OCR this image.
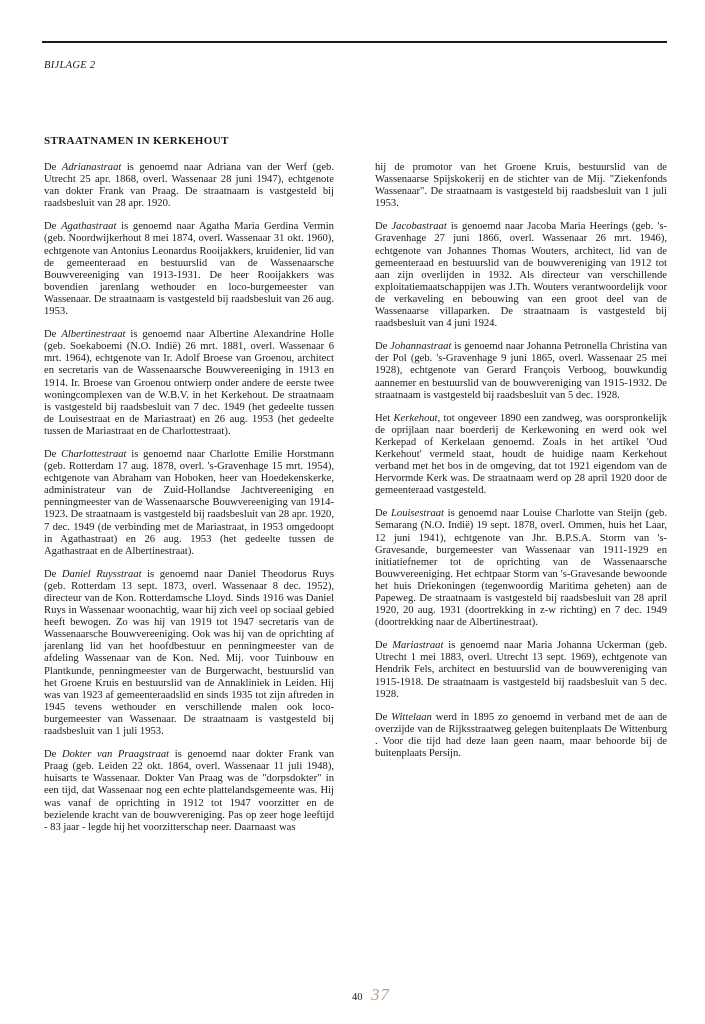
BIJLAGE 2
STRAATNAMEN IN KERKEHOUT

De Adrianastraat is genoemd naar Adriana van der Werf (geb. Utrecht 25 apr. 1868, overl. Wassenaar 28 juni 1947), echtgenote van dokter Frank van Praag. De straatnaam is vastgesteld bij raadsbesluit van 28 apr. 1920.

De Agathastraat is genoemd naar Agatha Maria Gerdina Vermin (geb. Noordwijkerhout 8 mei 1874, overl. Wassenaar 31 okt. 1960), echtgenote van Antonius Leonardus Rooijakkers, kruidenier, lid van de gemeenteraad en bestuurslid van de Wassenaarsche Bouwvereeniging van 1913-1931. De heer Rooijakkers was bovendien jarenlang wethouder en loco-burgemeester van Wassenaar. De straatnaam is vastgesteld bij raadsbesluit van 26 aug. 1953.

De Albertinestraat is genoemd naar Albertine Alexandrine Holle (geb. Soekaboemi (N.O. Indië) 26 mrt. 1881, overl. Wassenaar 6 mrt. 1964), echtgenote van Ir. Adolf Broese van Groenou, architect en secretaris van de Wassenaarsche Bouwvereeniging in 1913 en 1914. Ir. Broese van Groenou ontwierp onder andere de eerste twee woningcomplexen van de W.B.V. in het Kerkehout. De straatnaam is vastgesteld bij raadsbesluit van 7 dec. 1949 (het gedeelte tussen de Louisestraat en de Mariastraat) en 26 aug. 1953 (het gedeelte tussen de Mariastraat en de Charlottestraat).

De Charlottestraat is genoemd naar Charlotte Emilie Horstmann (geb. Rotterdam 17 aug. 1878, overl. 's-Gravenhage 15 mrt. 1954), echtgenote van Abraham van Hoboken, heer van Hoedekenskerke, administrateur van de Zuid-Hollandse Jachtvereeniging en penningmeester van de Wassenaarsche Bouwvereeniging van 1914-1923. De straatnaam is vastgesteld bij raadsbesluit van 28 apr. 1920, 7 dec. 1949 (de verbinding met de Mariastraat, in 1953 omgedoopt in Agathastraat) en 26 aug. 1953 (het gedeelte tussen de Agathastraat en de Albertinestraat).

De Daniel Ruysstraat is genoemd naar Daniel Theodorus Ruys (geb. Rotterdam 13 sept. 1873, overl. Wassenaar 8 dec. 1952), directeur van de Kon. Rotterdamsche Lloyd. Sinds 1916 was Daniel Ruys in Wassenaar woonachtig, waar hij zich veel op sociaal gebied heeft bewogen. Zo was hij van 1919 tot 1947 secretaris van de Wassenaarsche Bouwvereeniging. Ook was hij van de oprichting af jarenlang lid van het hoofdbestuur en penningmeester van de afdeling Wassenaar van de Kon. Ned. Mij. voor Tuinbouw en Plantkunde, penningmeester van de Burgerwacht, bestuurslid van het Groene Kruis en bestuurslid van de Annakliniek in Leiden. Hij was van 1923 af gemeenteraadslid en sinds 1935 tot zijn aftreden in 1945 tevens wethouder en verschillende malen ook loco-burgemeester van Wassenaar. De straatnaam is vastgesteld bij raadsbesluit van 1 juli 1953.

De Dokter van Praagstraat is genoemd naar dokter Frank van Praag (geb. Leiden 22 okt. 1864, overl. Wassenaar 11 juli 1948), huisarts te Wassenaar. Dokter Van Praag was de "dorpsdokter" in een tijd, dat Wassenaar nog een echte plattelandsgemeente was. Hij was vanaf de oprichting in 1912 tot 1947 voorzitter en de bezielende kracht van de bouwvereniging. Pas op zeer hoge leeftijd - 83 jaar - legde hij het voorzitterschap neer. Daarnaast was

hij de promotor van het Groene Kruis, bestuurslid van de Wassenaarse Spijskokerij en de stichter van de Mij. "Ziekenfonds Wassenaar". De straatnaam is vastgesteld bij raadsbesluit van 1 juli 1953.

De Jacobastraat is genoemd naar Jacoba Maria Heerings (geb. 's-Gravenhage 27 juni 1866, overl. Wassenaar 26 mrt. 1946), echtgenote van Johannes Thomas Wouters, architect, lid van de gemeenteraad en bestuurslid van de bouwvereniging van 1912 tot aan zijn overlijden in 1932. Als directeur van verschillende exploitatiemaatschappijen was J.Th. Wouters verantwoordelijk voor de verkaveling en bebouwing van een groot deel van de Wassenaarse villaparken. De straatnaam is vastgesteld bij raadsbesluit van 4 juni 1924.

De Johannastraat is genoemd naar Johanna Petronella Christina van der Pol (geb. 's-Gravenhage 9 juni 1865, overl. Wassenaar 25 mei 1928), echtgenote van Gerard François Verboog, bouwkundig aannemer en bestuurslid van de bouwvereniging van 1915-1932. De straatnaam is vastgesteld bij raadsbesluit van 5 dec. 1928.

Het Kerkehout, tot ongeveer 1890 een zandweg, was oorspronkelijk de oprijlaan naar boerderij de Kerkewoning en werd ook wel Kerkepad of Kerkelaan genoemd. Zoals in het artikel 'Oud Kerkehout' vermeld staat, houdt de huidige naam Kerkehout verband met het bos in de omgeving, dat tot 1921 eigendom van de Hervormde Kerk was. De straatnaam werd op 28 april 1920 door de gemeenteraad vastgesteld.

De Louisestraat is genoemd naar Louise Charlotte van Steijn (geb. Semarang (N.O. Indië) 19 sept. 1878, overl. Ommen, huis het Laar, 12 juni 1941), echtgenote van Jhr. B.P.S.A. Storm van 's-Gravesande, burgemeester van Wassenaar van 1911-1929 en initiatiefnemer tot de oprichting van de Wassenaarsche Bouwvereeniging. Het echtpaar Storm van 's-Gravesande bewoonde het huis Driekoningen (tegenwoordig Maritima geheten) aan de Papeweg. De straatnaam is vastgesteld bij raadsbesluit van 28 april 1920, 20 aug. 1931 (doortrekking in z-w richting) en 7 dec. 1949 (doortrekking naar de Albertinestraat).

De Mariastraat is genoemd naar Maria Johanna Uckerman (geb. Utrecht 1 mei 1883, overl. Utrecht 13 sept. 1969), echtgenote van Hendrik Fels, architect en bestuurslid van de bouwvereniging van 1915-1918. De straatnaam is vastgesteld bij raadsbesluit van 5 dec. 1928.

De Wittelaan werd in 1895 zo genoemd in verband met de aan de overzijde van de Rijksstraatweg gelegen buitenplaats De Wittenburg . Voor die tijd had deze laan geen naam, maar behoorde bij de buitenplaats Persijn.

40 37
